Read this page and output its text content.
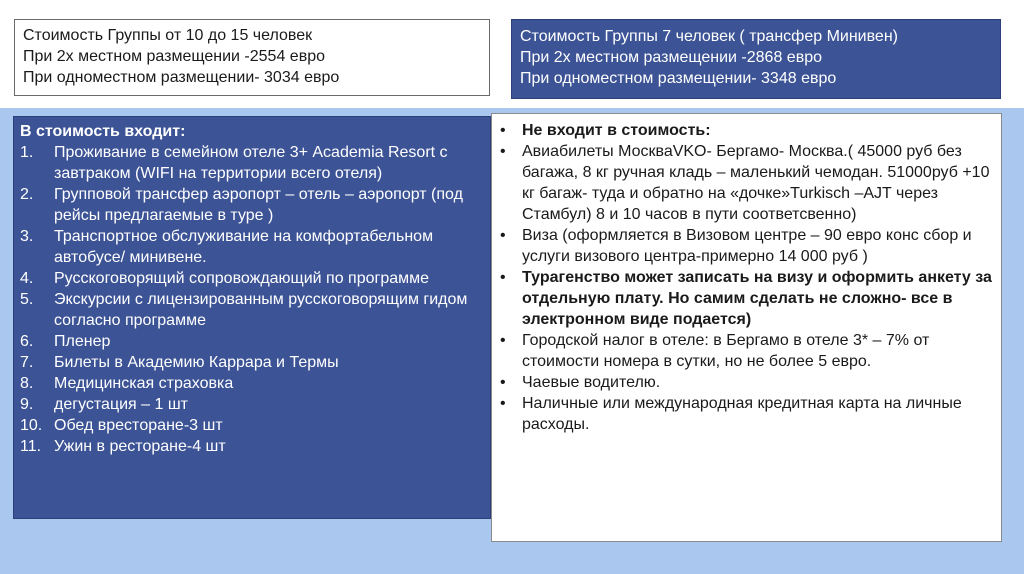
Стоимость Группы от 10 до 15 человек
При 2х местном размещении -2554 евро
При одноместном размещении- 3034 евро
Стоимость Группы 7 человек ( трансфер Минивен)
При 2х местном размещении -2868 евро
При одноместном размещении- 3348 евро
В стоимость входит:
1.	Проживание в семейном отеле 3+ Academia Resort с завтраком (WIFI на территории всего отеля)
2.	Групповой трансфер аэропорт – отель – аэропорт (под рейсы предлагаемые в туре )
3.	Транспортное обслуживание на комфортабельном автобусе/ минивене.
4.	Русскоговорящий сопровождающий по программе
5.	Экскурсии с лицензированным русскоговорящим гидом согласно программе
6.	Пленер
7.	Билеты в Академию Каррара и Термы
8.	Медицинская страховка
9.	дегустация – 1 шт
10. Обед врестoране-3 шт
11. Ужин в ресторане-4 шт
•	Не входит в стоимость:
•	Авиабилеты МоскваVKO- Бергамо- Москва.( 45000 руб без багажа, 8 кг ручная кладь – маленький чемодан. 51000руб +10 кг багаж- туда и обратно на «дочке»Turkisch –AJT через Стамбул) 8 и 10 часов в пути соответсвенно)
•	Виза (оформляется в Визовом центре – 90 евро конс сбор и услуги визового центра-примерно 14 000 руб )
•	Турагенство может записать на визу и оформить анкету за отдельную плату. Но самим сделать не сложно- все в электронном виде подается)
•	Городской налог в отеле: в Бергамо в отеле 3* – 7% от стоимости номера в сутки, но не более 5 евро.
•	Чаевые водителю.
•	Наличные или международная кредитная карта на личные расходы.
